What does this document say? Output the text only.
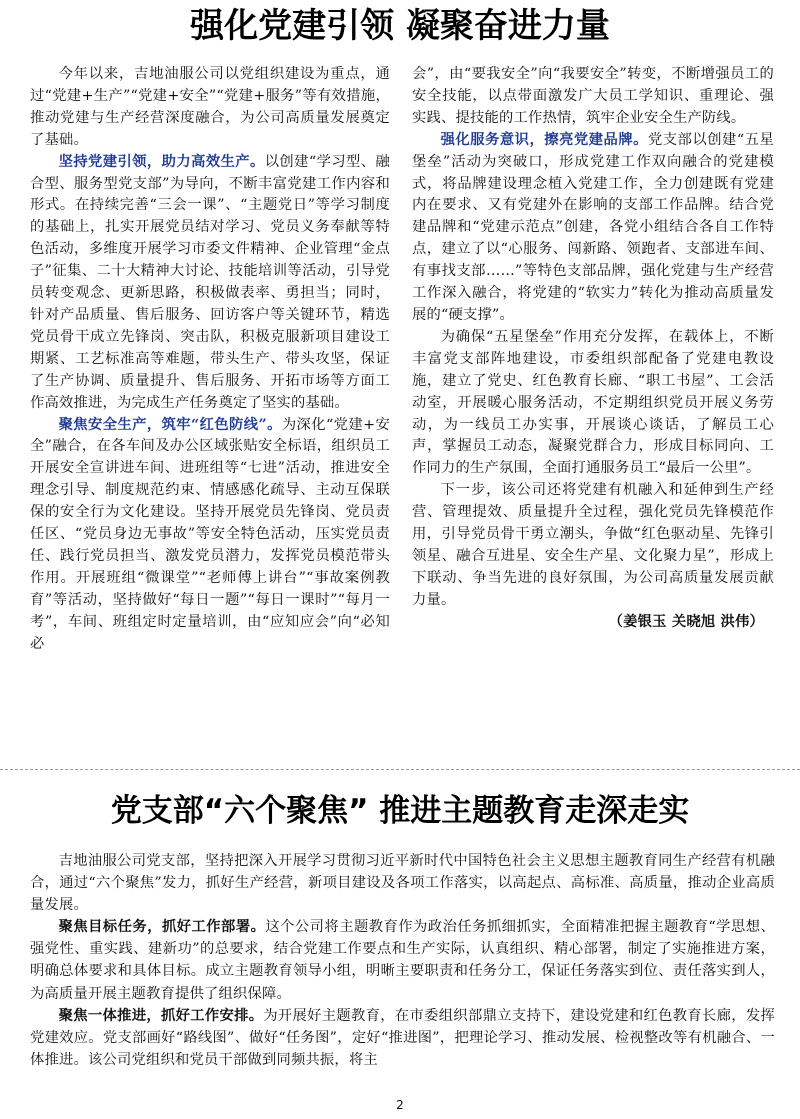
强化党建引领 凝聚奋进力量

今年以来，吉地油服公司以党组织建设为重点，通过“党建+生产”“党建+安全”“党建+服务”等有效措施，推动党建与生产经营深度融合，为公司高质量发展奠定了基础。

坚持党建引领，助力高效生产。以创建“学习型、融合型、服务型党支部”为导向，不断丰富党建工作内容和形式。在持续完善“三会一课”、“主题党日”等学习制度的基础上，扎实开展党员结对学习、党员义务奉献等特色活动，多维度开展学习市委文件精神、企业管理“金点子”征集、二十大精神大讨论、技能培训等活动，引导党员转变观念、更新思路，积极做表率、勇担当；同时，针对产品质量、售后服务、回访客户等关键环节，精选党员骨干成立先锋岗、突击队，积极克服新项目建设工期紧、工艺标准高等难题，带头生产、带头攻坚，保证了生产协调、质量提升、售后服务、开拓市场等方面工作高效推进，为完成生产任务奠定了坚实的基础。

聚焦安全生产，筑牢“红色防线”。为深化“党建+安全”融合，在各车间及办公区域张贴安全标语，组织员工开展安全宣讲进车间、进班组等“七进”活动，推进安全理念引导、制度规范约束、情感感化疏导、主动互保联保的安全行为文化建设。坚持开展党员先锋岗、党员责任区、“党员身边无事故”等安全特色活动，压实党员责任、践行党员担当、激发党员潜力，发挥党员模范带头作用。开展班组“微课堂”“老师傅上讲台”“事故案例教育”等活动，坚持做好“每日一题”“每日一课时”“每月一考”，车间、班组定时定量培训，由“应知应会”向“必知必

会”，由“要我安全”向“我要安全”转变，不断增强员工的安全技能，以点带面激发广大员工学知识、重理论、强实践、提技能的工作热情，筑牢企业安全生产防线。

强化服务意识，擦亮党建品牌。党支部以创建“五星堡垒”活动为突破口，形成党建工作双向融合的党建模式，将品牌建设理念植入党建工作，全力创建既有党建内在要求、又有党建外在影响的支部工作品牌。结合党建品牌和“党建示范点”创建，各党小组结合各自工作特点，建立了以“心服务、闯新路、领跑者、支部进车间、有事找支部……”等特色支部品牌，强化党建与生产经营工作深入融合，将党建的“软实力”转化为推动高质量发展的“硬支撑”。

为确保“五星堡垒”作用充分发挥，在载体上，不断丰富党支部阵地建设，市委组织部配备了党建电教设施，建立了党史、红色教育长廊、“职工书屋”、工会活动室，开展暖心服务活动，不定期组织党员开展义务劳动，为一线员工办实事，开展谈心谈话，了解员工心声，掌握员工动态，凝聚党群合力，形成目标同向、工作同力的生产氛围，全面打通服务员工“最后一公里”。

下一步，该公司还将党建有机融入和延伸到生产经营、管理提效、质量提升全过程，强化党员先锋模范作用，引导党员骨干勇立潮头，争做“红色驱动星、先锋引领星、融合互进星、安全生产星、文化聚力星”，形成上下联动、争当先进的良好氛围，为公司高质量发展贡献力量。

（姜银玉 关晓旭 洪伟）

党支部“六个聚焦” 推进主题教育走深走实

吉地油服公司党支部，坚持把深入开展学习贯彻习近平新时代中国特色社会主义思想主题教育同生产经营有机融合，通过“六个聚焦”发力，抓好生产经营，新项目建设及各项工作落实，以高起点、高标准、高质量，推动企业高质量发展。

聚焦目标任务，抓好工作部署。这个公司将主题教育作为政治任务抓细抓实，全面精准把握主题教育“学思想、强党性、重实践、建新功”的总要求，结合党建工作要点和生产实际，认真组织、精心部署，制定了实施推进方案，明确总体要求和具体目标。成立主题教育领导小组，明晰主要职责和任务分工，保证任务落实到位、责任落实到人，为高质量开展主题教育提供了组织保障。

聚焦一体推进，抓好工作安排。为开展好主题教育，在市委组织部鼎立支持下，建设党建和红色教育长廊，发挥党建效应。党支部画好“路线图”、做好“任务图”，定好“推进图”，把理论学习、推动发展、检视整改等有机融合、一体推进。该公司党组织和党员干部做到同频共振，将主

2
